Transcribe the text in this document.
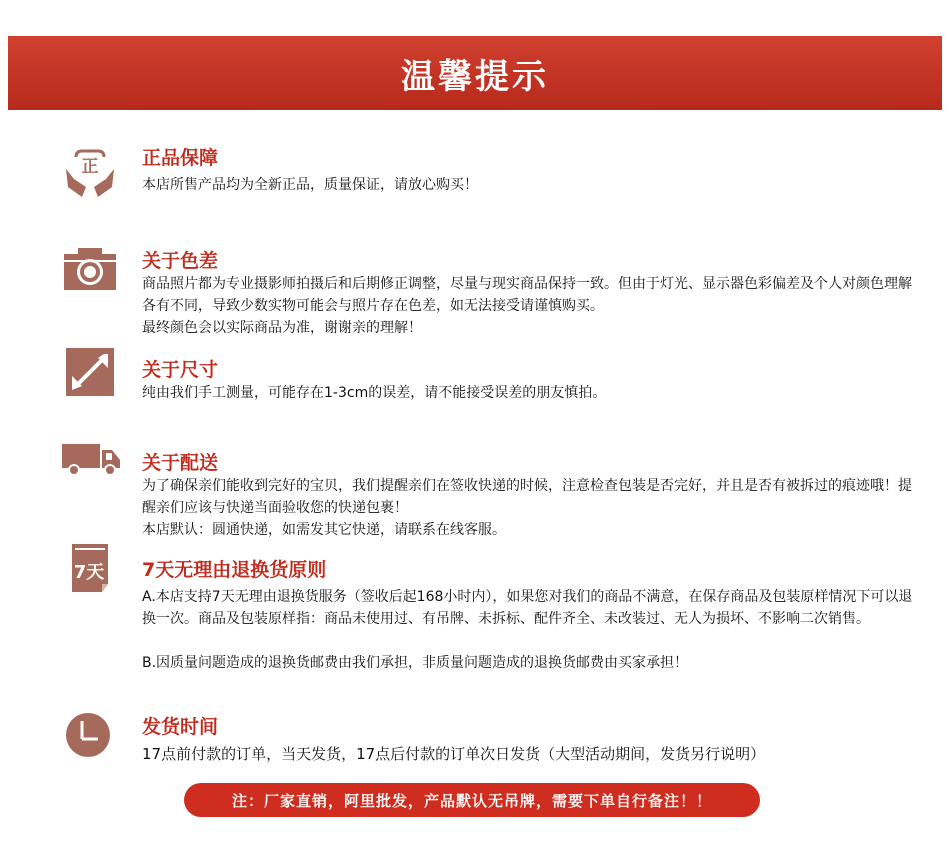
温馨提示
正 正品保障

本店所售产品均为全新正品，质量保证，请放心购买！

关于色差

商品照片都为专业摄影师拍摄后和后期修正调整，尽量与现实商品保持一致。但由于灯光、显示器色彩偏差及个人对颜色理解各有不同，导致少数实物可能会与照片存在色差，如无法接受请谨慎购买。

最终颜色会以实际商品为准，谢谢亲的理解！

关于尺寸

纯由我们手工测量，可能存在1-3cm的误差，请不能接受误差的朋友慎拍。

关于配送

为了确保亲们能收到完好的宝贝，我们提醒亲们在签收快递的时候，注意检查包装是否完好，并且是否有被拆过的痕迹哦！提醒亲们应该与快递当面验收您的快递包裹！

本店默认：圆通快递，如需发其它快递，请联系在线客服。

7天 7天无理由退换货原则

A.本店支持7天无理由退换货服务（签收后起168小时内），如果您对我们的商品不满意，在保存商品及包装原样情况下可以退换一次。商品及包装原样指：商品未使用过、有吊牌、未拆标、配件齐全、未改装过、无人为损坏、不影响二次销售。

B.因质量问题造成的退换货邮费由我们承担，非质量问题造成的退换货邮费由买家承担！

发货时间

17点前付款的订单，当天发货，17点后付款的订单次日发货（大型活动期间，发货另行说明）

注：厂家直销，阿里批发，产品默认无吊牌，需要下单自行备注！！
